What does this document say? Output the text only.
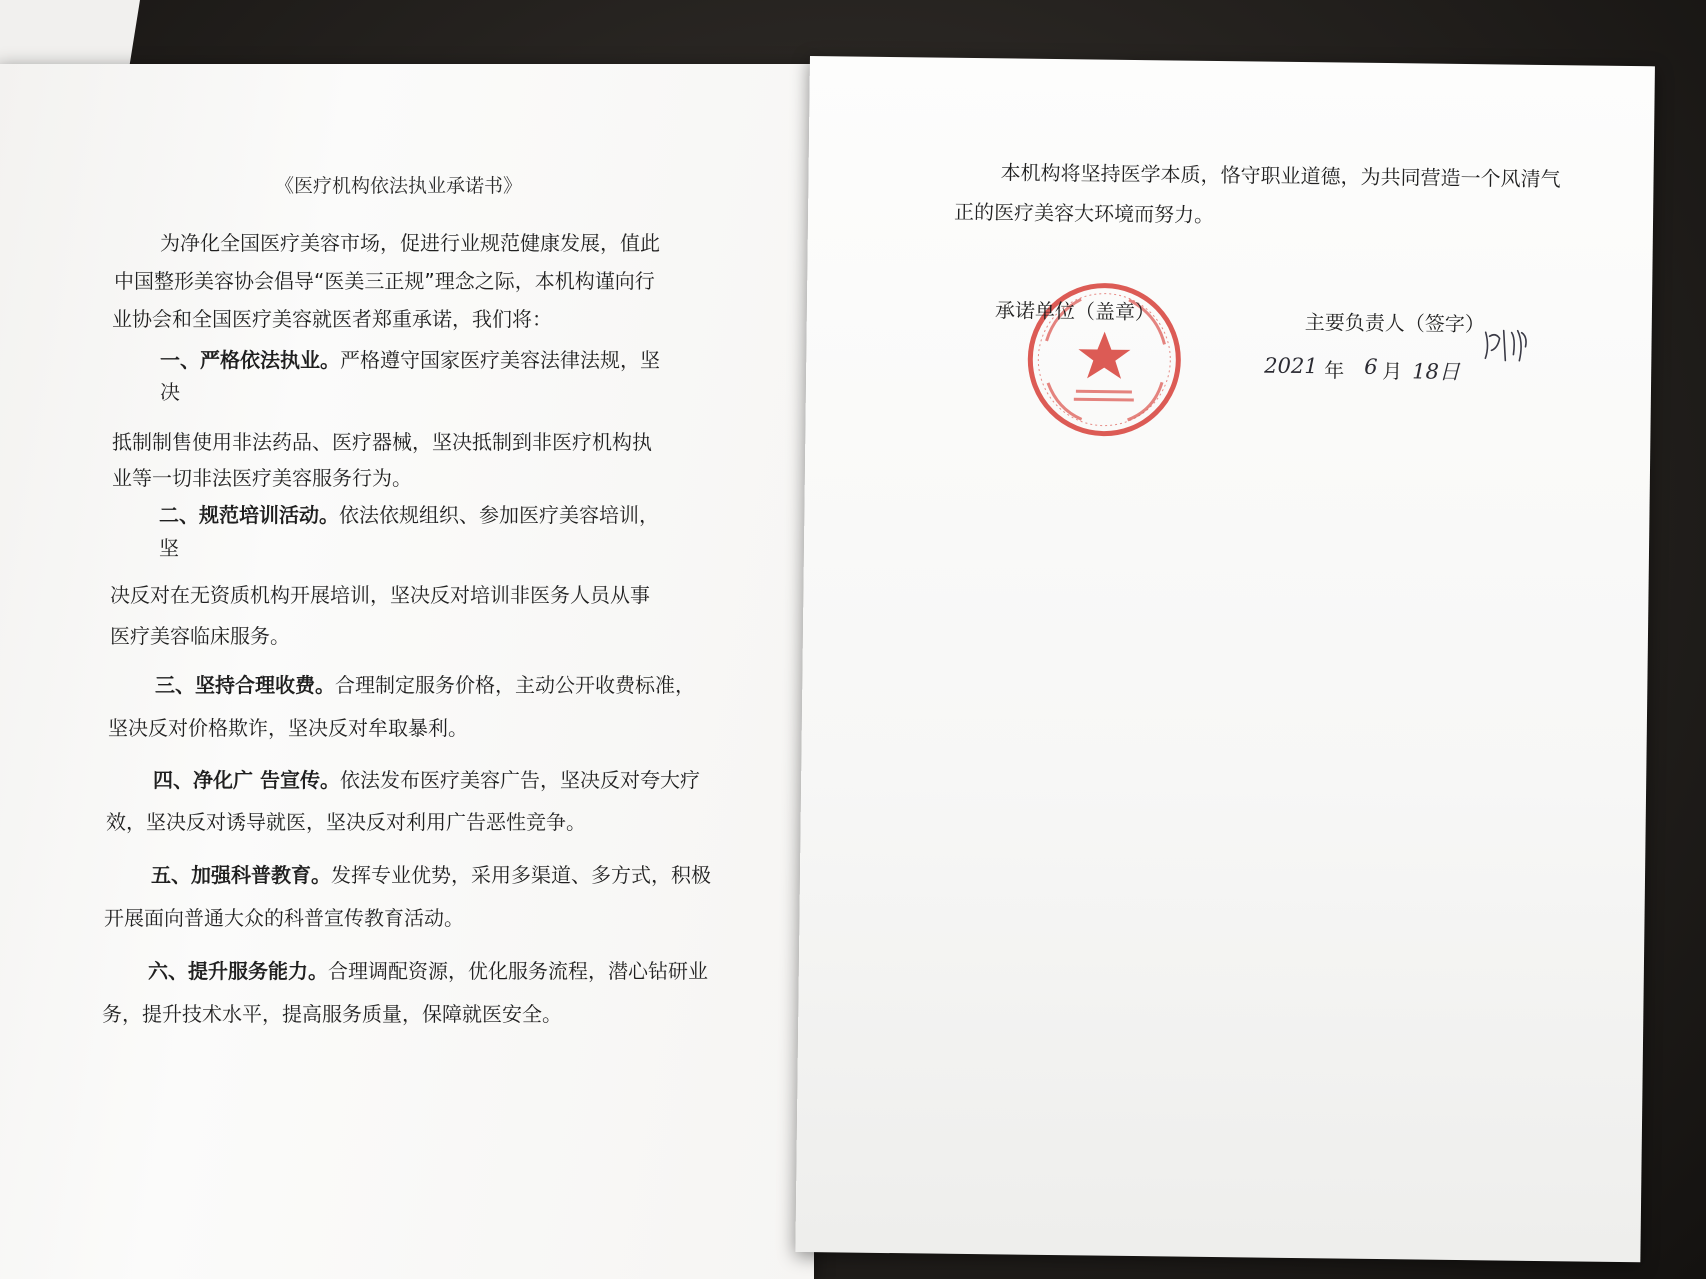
《医疗机构依法执业承诺书》
为净化全国医疗美容市场，促进行业规范健康发展，值此
中国整形美容协会倡导“医美三正规”理念之际，本机构谨向行
业协会和全国医疗美容就医者郑重承诺，我们将：
一、严格依法执业。严格遵守国家医疗美容法律法规，坚
决
抵制制售使用非法药品、医疗器械，坚决抵制到非医疗机构执
业等一切非法医疗美容服务行为。
二、规范培训活动。依法依规组织、参加医疗美容培训，
坚
决反对在无资质机构开展培训，坚决反对培训非医务人员从事
医疗美容临床服务。
三、坚持合理收费。合理制定服务价格，主动公开收费标准，
坚决反对价格欺诈，坚决反对牟取暴利。
四、净化广 告宣传。依法发布医疗美容广告，坚决反对夸大疗
效，坚决反对诱导就医，坚决反对利用广告恶性竞争。
五、加强科普教育。发挥专业优势，采用多渠道、多方式，积极
开展面向普通大众的科普宣传教育活动。
六、提升服务能力。合理调配资源，优化服务流程，潜心钻研业
务，提升技术水平，提高服务质量，保障就医安全。
本机构将坚持医学本质，恪守职业道德，为共同营造一个风清气
正的医疗美容大环境而努力。
承诺单位（盖章）	主要负责人（签字）
2021 年 6 月 18日
